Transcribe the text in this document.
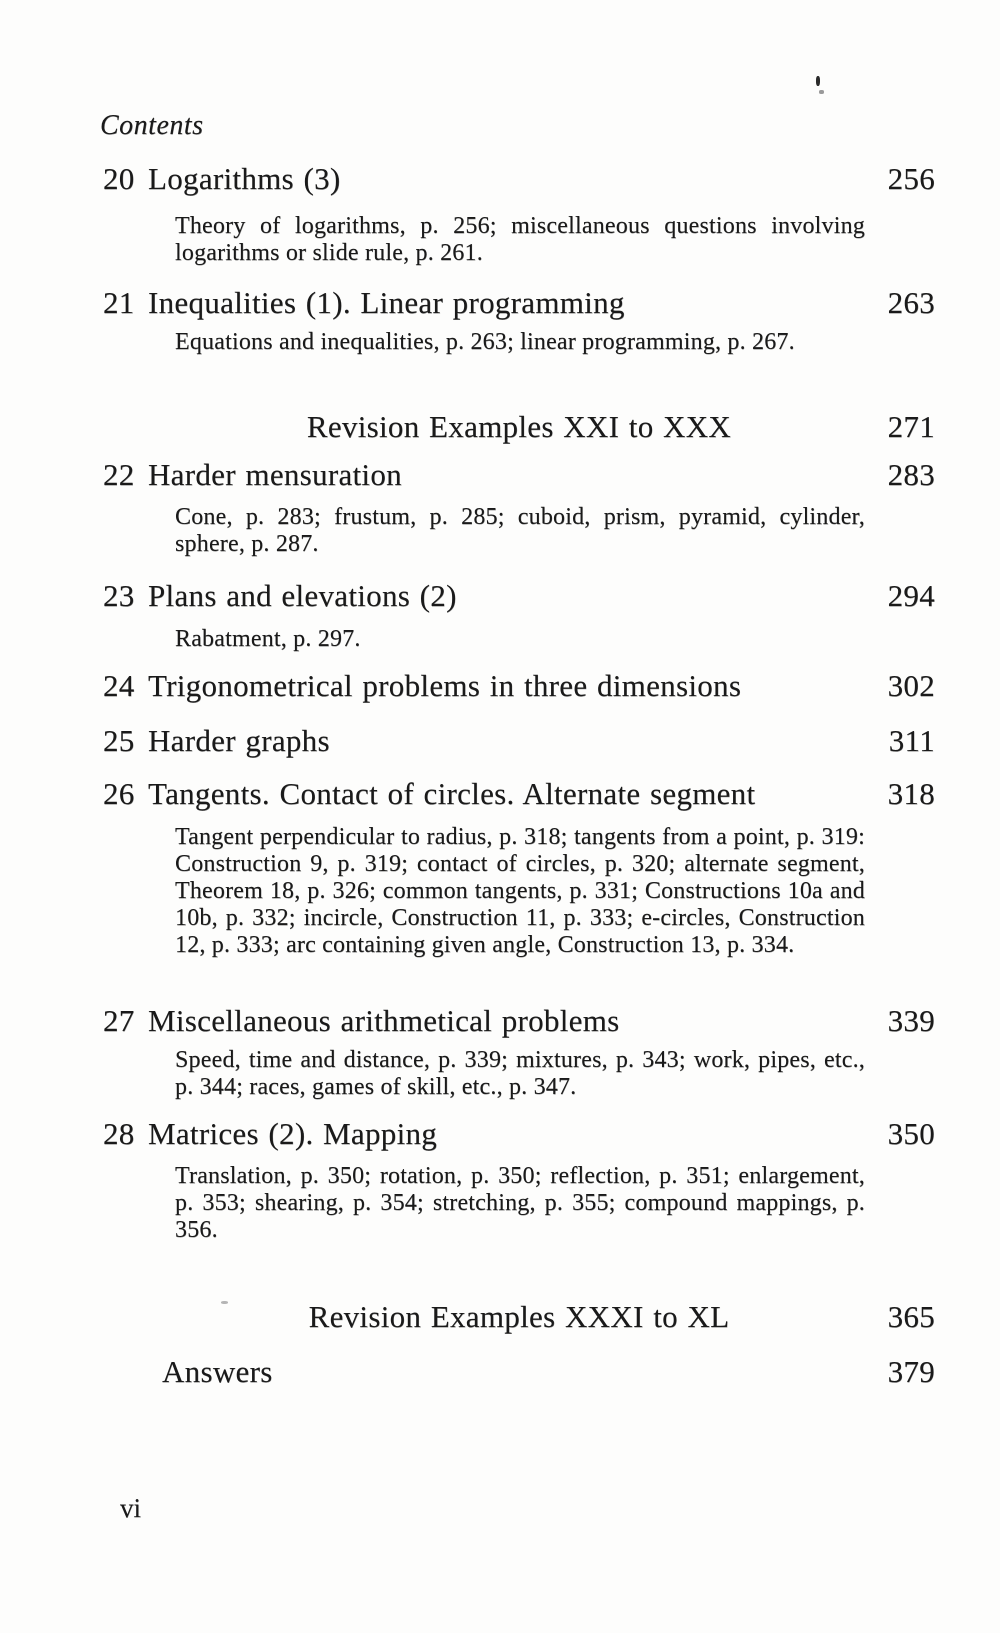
Contents
20 Logarithms (3)	256
Theory of logarithms, p. 256; miscellaneous questions involving logarithms or slide rule, p. 261.
21 Inequalities (1). Linear programming	263
Equations and inequalities, p. 263; linear programming, p. 267.
Revision Examples XXI to XXX	271
22 Harder mensuration	283
Cone, p. 283; frustum, p. 285; cuboid, prism, pyramid, cylinder, sphere, p. 287.
23 Plans and elevations (2)	294
Rabatment, p. 297.
24 Trigonometrical problems in three dimensions	302
25 Harder graphs	311
26 Tangents. Contact of circles. Alternate segment	318
Tangent perpendicular to radius, p. 318; tangents from a point, p. 319: Construction 9, p. 319; contact of circles, p. 320; alternate segment, Theorem 18, p. 326; common tangents, p. 331; Constructions 10a and 10b, p. 332; incircle, Construction 11, p. 333; e-circles, Construction 12, p. 333; arc containing given angle, Construction 13, p. 334.
27 Miscellaneous arithmetical problems	339
Speed, time and distance, p. 339; mixtures, p. 343; work, pipes, etc., p. 344; races, games of skill, etc., p. 347.
28 Matrices (2). Mapping	350
Translation, p. 350; rotation, p. 350; reflection, p. 351; enlargement, p. 353; shearing, p. 354; stretching, p. 355; compound mappings, p. 356.
Revision Examples XXXI to XL	365
Answers	379
vi
